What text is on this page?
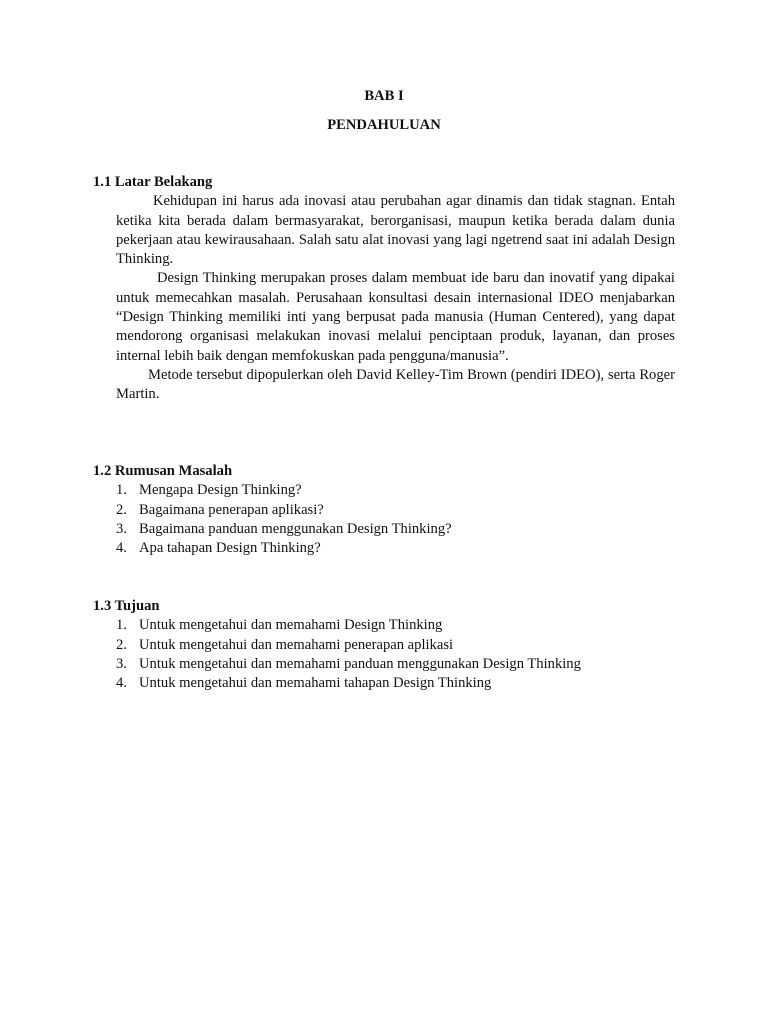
BAB I
PENDAHULUAN

1.1 Latar Belakang

Kehidupan ini harus ada inovasi atau perubahan agar dinamis dan tidak stagnan. Entah ketika kita berada dalam bermasyarakat, berorganisasi, maupun ketika berada dalam dunia pekerjaan atau kewirausahaan. Salah satu alat inovasi yang lagi ngetrend saat ini adalah Design Thinking.

Design Thinking merupakan proses dalam membuat ide baru dan inovatif yang dipakai untuk memecahkan masalah. Perusahaan konsultasi desain internasional IDEO menjabarkan “Design Thinking memiliki inti yang berpusat pada manusia (Human Centered), yang dapat mendorong organisasi melakukan inovasi melalui penciptaan produk, layanan, dan proses internal lebih baik dengan memfokuskan pada pengguna/manusia”.

Metode tersebut dipopulerkan oleh David Kelley-Tim Brown (pendiri IDEO), serta Roger Martin.

1.2 Rumusan Masalah

1. Mengapa Design Thinking?
2. Bagaimana penerapan aplikasi?
3. Bagaimana panduan menggunakan Design Thinking?
4. Apa tahapan Design Thinking?

1.3 Tujuan

1. Untuk mengetahui dan memahami Design Thinking
2. Untuk mengetahui dan memahami penerapan aplikasi
3. Untuk mengetahui dan memahami panduan menggunakan Design Thinking
4. Untuk mengetahui dan memahami tahapan Design Thinking
